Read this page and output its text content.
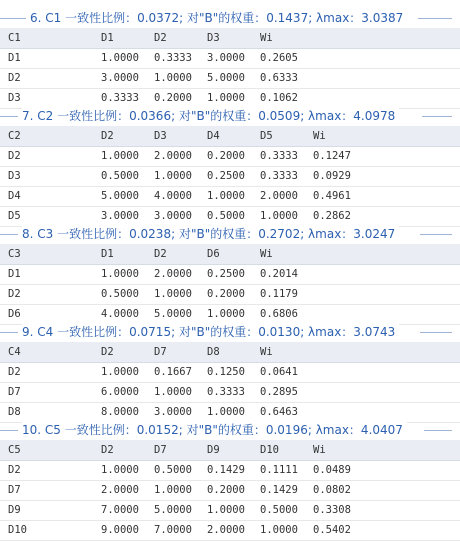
6. C1 一致性比例：0.0372; 对"B"的权重：0.1437; λmax：3.0387
C1	D1	D2	D3	Wi
D1	1.0000 0.3333 3.0000 0.2605
D2	3.0000 1.0000 5.0000 0.6333
D3	0.3333 0.2000 1.0000 0.1062
7. C2 一致性比例：0.0366; 对"B"的权重：0.0509; λmax：4.0978
C2	D2	D3	D4	D5	Wi
D2	1.0000 2.0000 0.2000 0.3333 0.1247
D3	0.5000 1.0000 0.2500 0.3333 0.0929
D4	5.0000 4.0000 1.0000 2.0000 0.4961
D5	3.0000 3.0000 0.5000 1.0000 0.2862
8. C3 一致性比例：0.0238; 对"B"的权重：0.2702; λmax：3.0247
C3	D1	D2	D6	Wi
D1	1.0000 2.0000 0.2500 0.2014
D2	0.5000 1.0000 0.2000 0.1179
D6	4.0000 5.0000 1.0000 0.6806
9. C4 一致性比例：0.0715; 对"B"的权重：0.0130; λmax：3.0743
C4	D2	D7	D8	Wi
D2	1.0000 0.1667 0.1250 0.0641
D7	6.0000 1.0000 0.3333 0.2895
D8	8.0000 3.0000 1.0000 0.6463
10. C5 一致性比例：0.0152; 对"B"的权重：0.0196; λmax：4.0407
C5	D2	D7	D9	D10	Wi
D2	1.0000 0.5000 0.1429 0.1111 0.0489
D7	2.0000 1.0000 0.2000 0.1429 0.0802
D9	7.0000 5.0000 1.0000 0.5000 0.3308
D10	9.0000 7.0000 2.0000 1.0000 0.5402
